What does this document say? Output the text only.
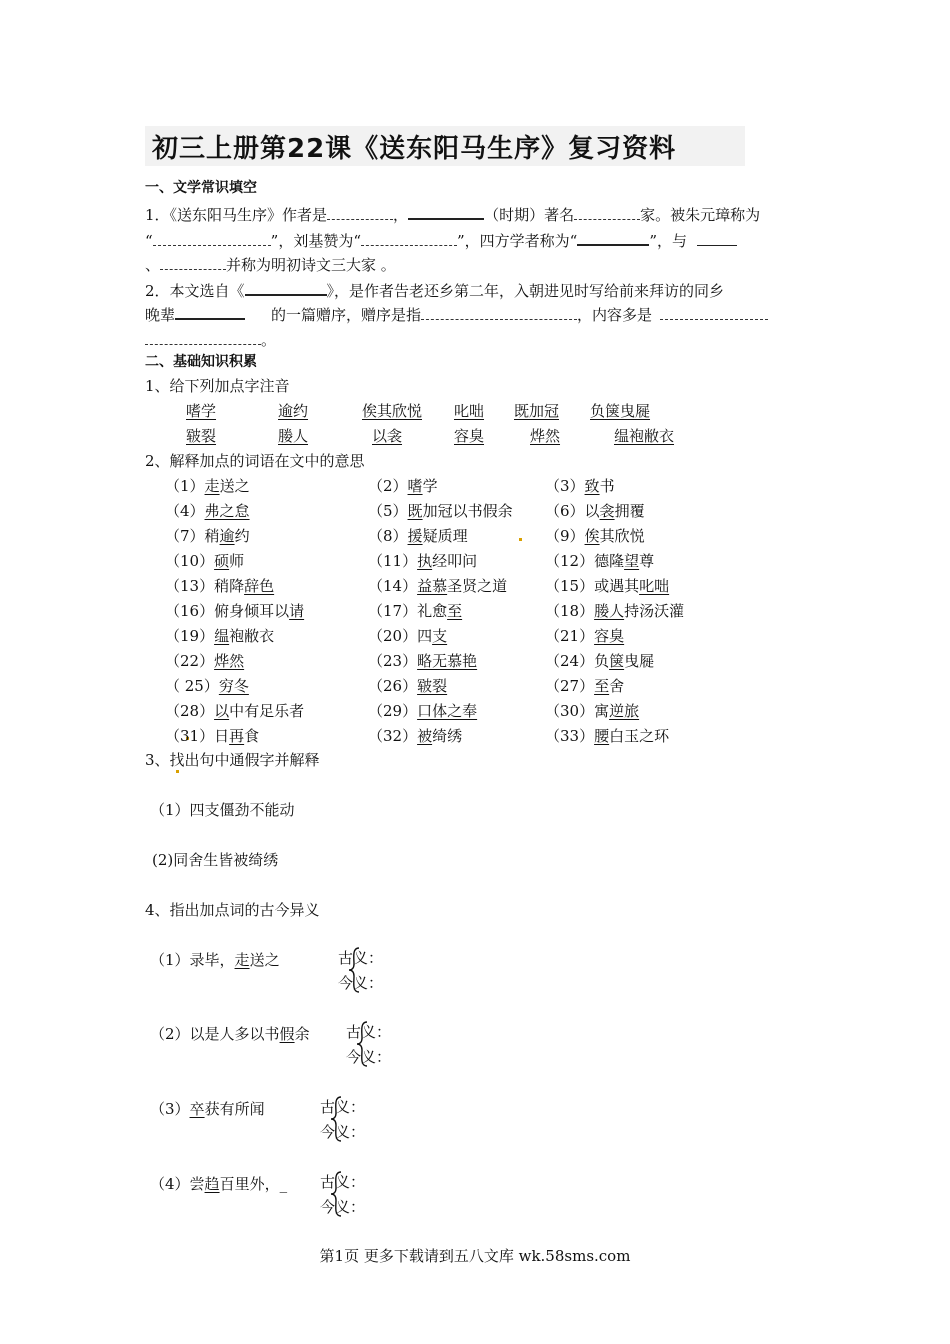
初三上册第22课《送东阳马生序》复习资料
一、文学常识填空
1．《送东阳马生序》作者是	，	（时期）著名	家。被朱元璋称为
“	”，刘基赞为“	”，四方学者称为“	”，与
、	并称为明初诗文三大家 。
2．本文选自《	》，是作者告老还乡第二年，入朝进见时写给前来拜访的同乡
晚辈	的一篇赠序，赠序是指	，内容多是
。
二、基础知识积累
1、给下列加点字注音
嗜学	逾约	俟其欣悦 叱咄 既加冠 负箧曳屣
皲裂	媵人	以衾	容臭	烨然	缊袍敝衣
2、解释加点的词语在文中的意思
3、找出句中通假字并解释
（1）四支僵劲不能动
(2)同舍生皆被绮绣
4、指出加点词的古今异义
第1页 更多下载请到五八文库 wk.58sms.com
（1）走送之	（2）嗜学	（3）致书
（4）弗之怠	（5）既加冠以书假余 （6）以衾拥覆
（7）稍逾约	（8）援疑质理	（9）俟其欣悦
（10）硕师	（11）执经叩问	（12）德隆望尊
（13）稍降辞色	（14）益慕圣贤之道	（15）或遇其叱咄
（16）俯身倾耳以请	（17）礼愈至	（18）媵人持汤沃灌
（19）缊袍敝衣	（20）四支	（21）容臭
（22）烨然	（23）略无慕艳	（24）负箧曳屣
（ 25）穷冬	（26）皲裂	（27）至舍
（28）以中有足乐者	（29）口体之奉	（30）寓逆旅
（31）日再食	（32）被绮绣	（33）腰白玉之环
（1）录毕，走送之	古义：
今义：
（2）以是人多以书假余 古义：
今义：
（3）卒获有所闻	古义：
今义：
（4）尝趋百里外，_ 古义：
今义：
